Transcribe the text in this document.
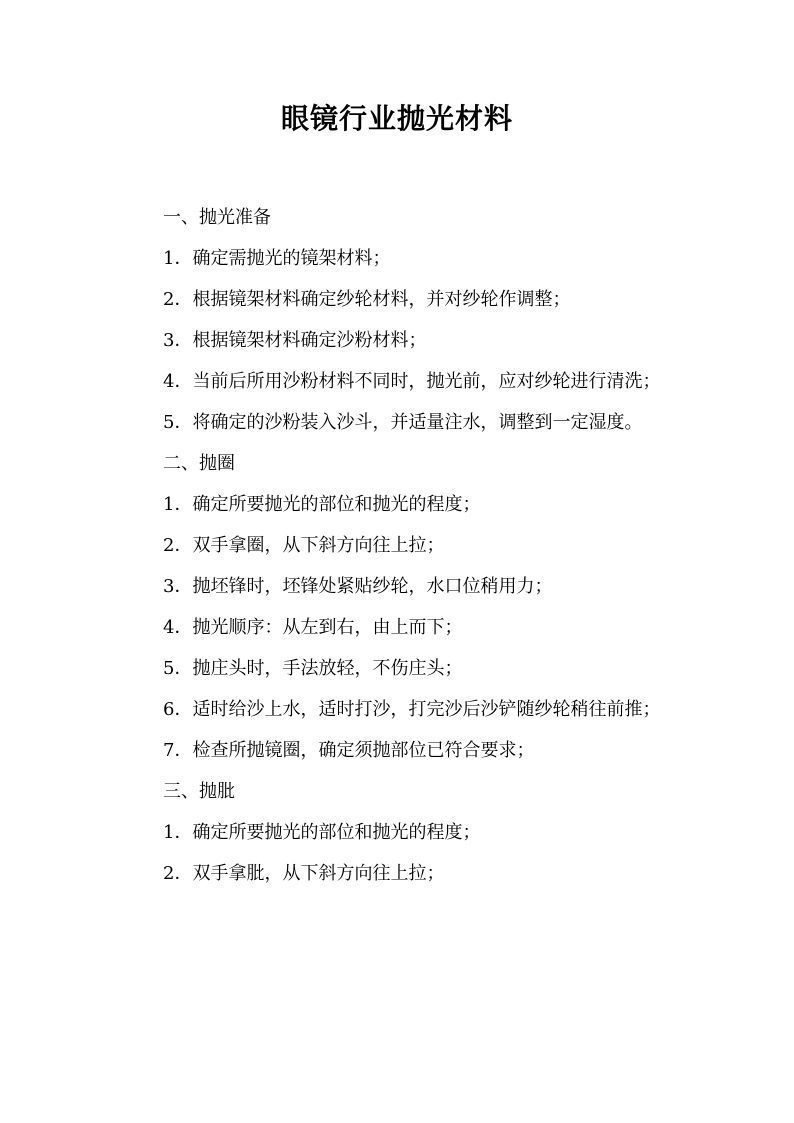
眼镜行业抛光材料

一、抛光准备

1．确定需抛光的镜架材料；

2．根据镜架材料确定纱轮材料，并对纱轮作调整；

3．根据镜架材料确定沙粉材料；

4．当前后所用沙粉材料不同时，抛光前，应对纱轮进行清洗；

5．将确定的沙粉装入沙斗，并适量注水，调整到一定湿度。

二、抛圈

1．确定所要抛光的部位和抛光的程度；

2．双手拿圈，从下斜方向往上拉；

3．抛坯锋时，坯锋处紧贴纱轮，水口位稍用力；

4．抛光顺序：从左到右，由上而下；

5．抛庄头时，手法放轻，不伤庄头；

6．适时给沙上水，适时打沙，打完沙后沙铲随纱轮稍往前推；

7．检查所抛镜圈，确定须抛部位已符合要求；

三、抛肶

1．确定所要抛光的部位和抛光的程度；

2．双手拿肶，从下斜方向往上拉；
